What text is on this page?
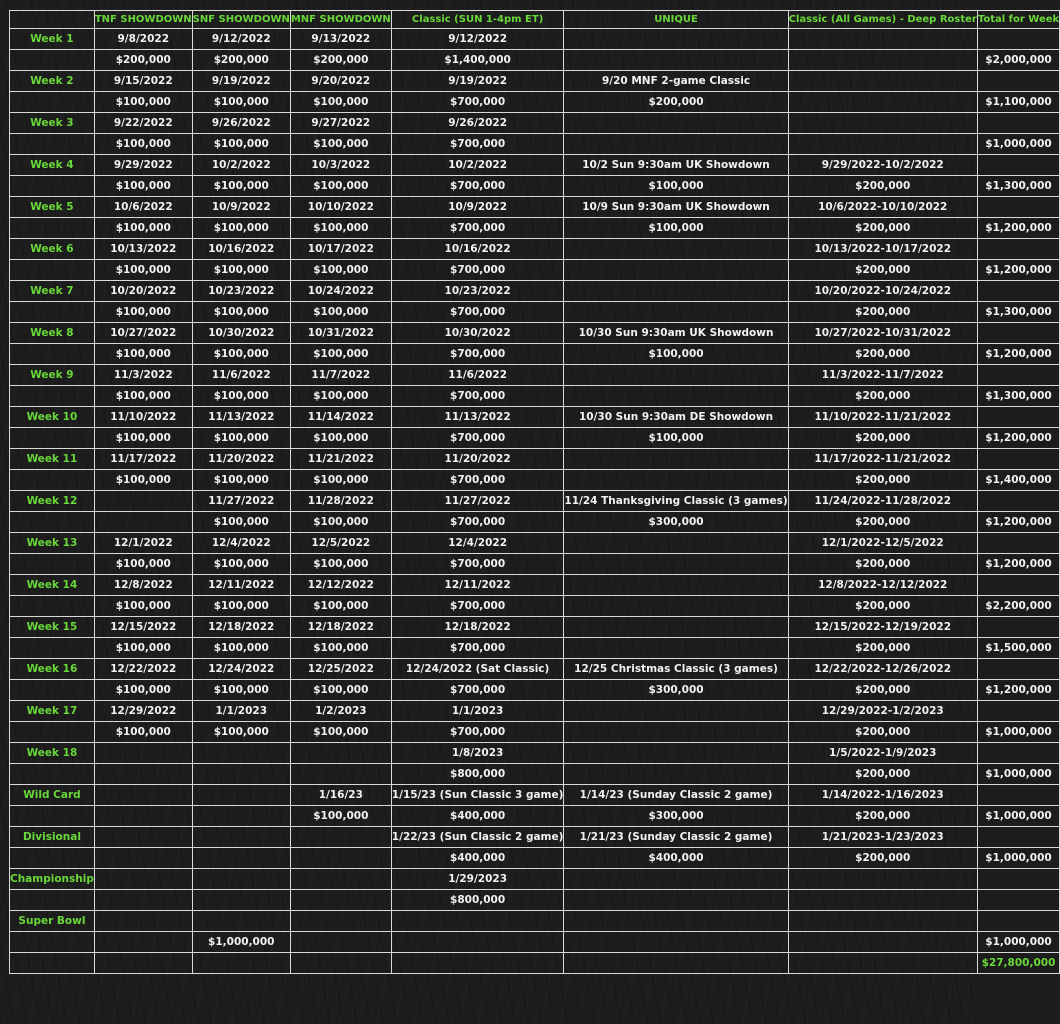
	TNF SHOWDOWN	SNF SHOWDOWN	MNF SHOWDOWN	Classic (SUN 1-4pm ET)	UNIQUE	Classic (All Games) - Deep Roster	Total for Week
Week 1	9/8/2022	9/12/2022	9/13/2022	9/12/2022			
	$200,000	$200,000	$200,000	$1,400,000			$2,000,000
Week 2	9/15/2022	9/19/2022	9/20/2022	9/19/2022	9/20 MNF 2-game Classic		
	$100,000	$100,000	$100,000	$700,000	$200,000		$1,100,000
Week 3	9/22/2022	9/26/2022	9/27/2022	9/26/2022			
	$100,000	$100,000	$100,000	$700,000			$1,000,000
Week 4	9/29/2022	10/2/2022	10/3/2022	10/2/2022	10/2 Sun 9:30am UK Showdown	9/29/2022-10/2/2022	
	$100,000	$100,000	$100,000	$700,000	$100,000	$200,000	$1,300,000
Week 5	10/6/2022	10/9/2022	10/10/2022	10/9/2022	10/9 Sun 9:30am UK Showdown	10/6/2022-10/10/2022	
	$100,000	$100,000	$100,000	$700,000	$100,000	$200,000	$1,200,000
Week 6	10/13/2022	10/16/2022	10/17/2022	10/16/2022		10/13/2022-10/17/2022	
	$100,000	$100,000	$100,000	$700,000		$200,000	$1,200,000
Week 7	10/20/2022	10/23/2022	10/24/2022	10/23/2022		10/20/2022-10/24/2022	
	$100,000	$100,000	$100,000	$700,000		$200,000	$1,300,000
Week 8	10/27/2022	10/30/2022	10/31/2022	10/30/2022	10/30 Sun 9:30am UK Showdown	10/27/2022-10/31/2022	
	$100,000	$100,000	$100,000	$700,000	$100,000	$200,000	$1,200,000
Week 9	11/3/2022	11/6/2022	11/7/2022	11/6/2022		11/3/2022-11/7/2022	
	$100,000	$100,000	$100,000	$700,000		$200,000	$1,300,000
Week 10	11/10/2022	11/13/2022	11/14/2022	11/13/2022	10/30 Sun 9:30am DE Showdown	11/10/2022-11/21/2022	
	$100,000	$100,000	$100,000	$700,000	$100,000	$200,000	$1,200,000
Week 11	11/17/2022	11/20/2022	11/21/2022	11/20/2022		11/17/2022-11/21/2022	
	$100,000	$100,000	$100,000	$700,000		$200,000	$1,400,000
Week 12		11/27/2022	11/28/2022	11/27/2022	11/24 Thanksgiving Classic (3 games)	11/24/2022-11/28/2022	
		$100,000	$100,000	$700,000	$300,000	$200,000	$1,200,000
Week 13	12/1/2022	12/4/2022	12/5/2022	12/4/2022		12/1/2022-12/5/2022	
	$100,000	$100,000	$100,000	$700,000		$200,000	$1,200,000
Week 14	12/8/2022	12/11/2022	12/12/2022	12/11/2022		12/8/2022-12/12/2022	
	$100,000	$100,000	$100,000	$700,000		$200,000	$2,200,000
Week 15	12/15/2022	12/18/2022	12/18/2022	12/18/2022		12/15/2022-12/19/2022	
	$100,000	$100,000	$100,000	$700,000		$200,000	$1,500,000
Week 16	12/22/2022	12/24/2022	12/25/2022	12/24/2022 (Sat Classic)	12/25 Christmas Classic (3 games)	12/22/2022-12/26/2022	
	$100,000	$100,000	$100,000	$700,000	$300,000	$200,000	$1,200,000
Week 17	12/29/2022	1/1/2023	1/2/2023	1/1/2023		12/29/2022-1/2/2023	
	$100,000	$100,000	$100,000	$700,000		$200,000	$1,000,000
Week 18				1/8/2023		1/5/2022-1/9/2023	
				$800,000		$200,000	$1,000,000
Wild Card			1/16/23	1/15/23 (Sun Classic 3 game)	1/14/23 (Sunday Classic 2 game)	1/14/2022-1/16/2023	
			$100,000	$400,000	$300,000	$200,000	$1,000,000
Divisional				1/22/23 (Sun Classic 2 game)	1/21/23 (Sunday Classic 2 game)	1/21/2023-1/23/2023	
				$400,000	$400,000	$200,000	$1,000,000
Championship				1/29/2023			
				$800,000			
Super Bowl							
		$1,000,000					$1,000,000
							$27,800,000
